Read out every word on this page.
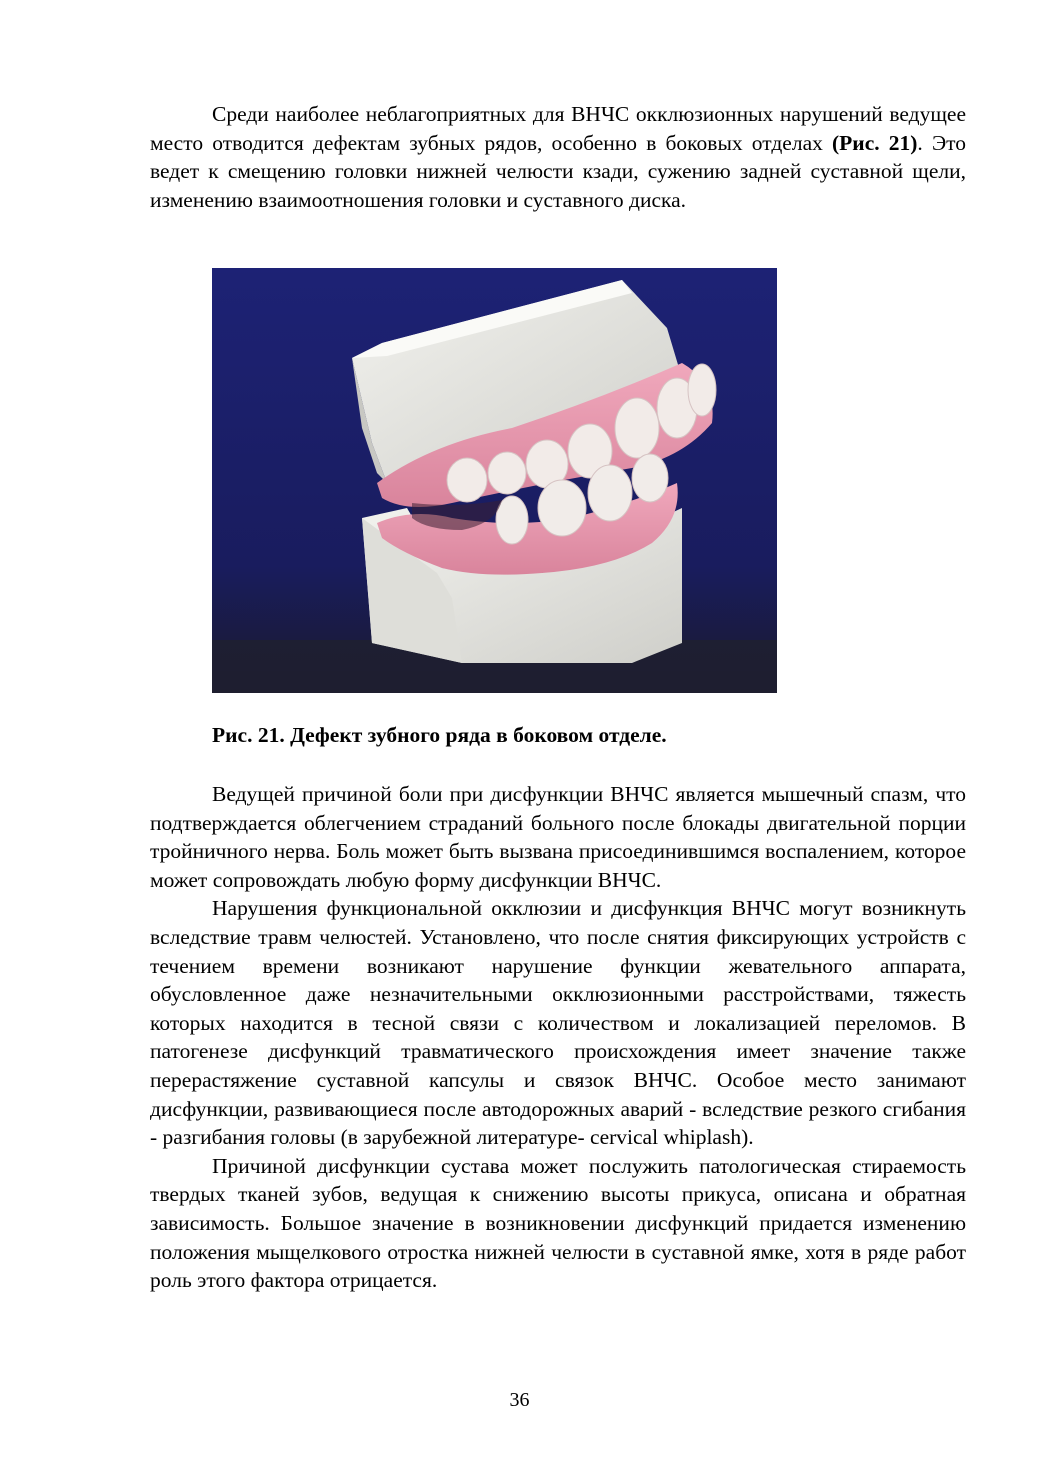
Среди наиболее неблагоприятных для ВНЧС окклюзионных нарушений ведущее место отводится дефектам зубных рядов, особенно в боковых отделах (Рис. 21). Это ведет к смещению головки нижней челюсти кзади, сужению задней суставной щели, изменению взаимоотношения головки и суставного диска.

Рис. 21. Дефект зубного ряда в боковом отделе.

Ведущей причиной боли при дисфункции ВНЧС является мышечный спазм, что подтверждается облегчением страданий больного после блокады двигательной порции тройничного нерва. Боль может быть вызвана присоединившимся воспалением, которое может сопровождать любую форму дисфункции ВНЧС.

Нарушения функциональной окклюзии и дисфункция ВНЧС могут возникнуть вследствие травм челюстей. Установлено, что после снятия фиксирующих устройств с течением времени возникают нарушение функции жевательного аппарата, обусловленное даже незначительными окклюзионными расстройствами, тяжесть которых находится в тесной связи с количеством и локализацией переломов. В патогенезе дисфункций травматического происхождения имеет значение также перерастяжение суставной капсулы и связок ВНЧС. Особое место занимают дисфункции, развивающиеся после автодорожных аварий - вследствие резкого сгибания - разгибания головы (в зарубежной литературе- cervical whiplash).

Причиной дисфункции сустава может послужить патологическая стираемость твердых тканей зубов, ведущая к снижению высоты прикуса, описана и обратная зависимость. Большое значение в возникновении дисфункций придается изменению положения мыщелкового отростка нижней челюсти в суставной ямке, хотя в ряде работ роль этого фактора отрицается.

36
